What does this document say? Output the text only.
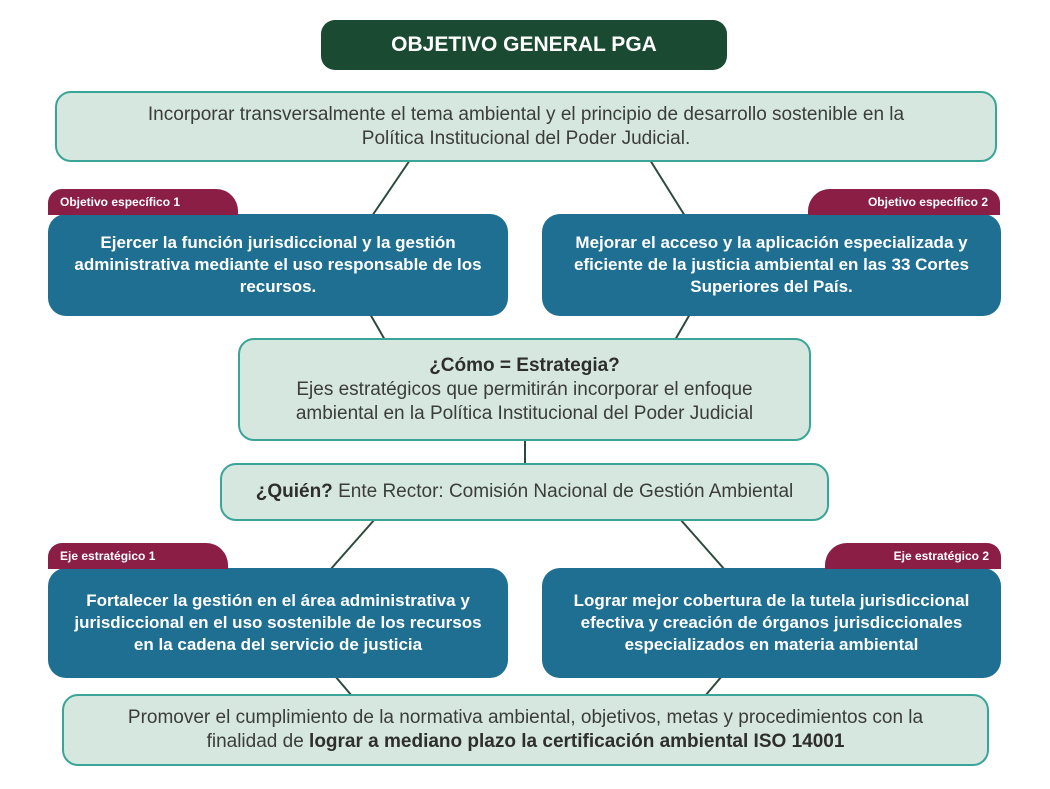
OBJETIVO GENERAL PGA
Incorporar transversalmente el tema ambiental y el principio de desarrollo sostenible en la Política Institucional del Poder Judicial.
Objetivo específico 1
Ejercer la función jurisdiccional y la gestión administrativa mediante el uso responsable de los recursos.
Objetivo específico 2
Mejorar el acceso y la aplicación especializada y eficiente de la justicia ambiental en las 33 Cortes Superiores del País.
¿Cómo = Estrategia?
Ejes estratégicos que permitirán incorporar el enfoque ambiental en la Política Institucional del Poder Judicial
¿Quién? Ente Rector: Comisión Nacional de Gestión Ambiental
Eje estratégico 1
Fortalecer la gestión en el área administrativa y jurisdiccional en el uso sostenible de los recursos en la cadena del servicio de justicia
Eje estratégico 2
Lograr mejor cobertura de la tutela jurisdiccional efectiva y creación de órganos jurisdiccionales especializados en materia ambiental
Promover el cumplimiento de la normativa ambiental, objetivos, metas y procedimientos con la finalidad de lograr a mediano plazo la certificación ambiental ISO 14001
